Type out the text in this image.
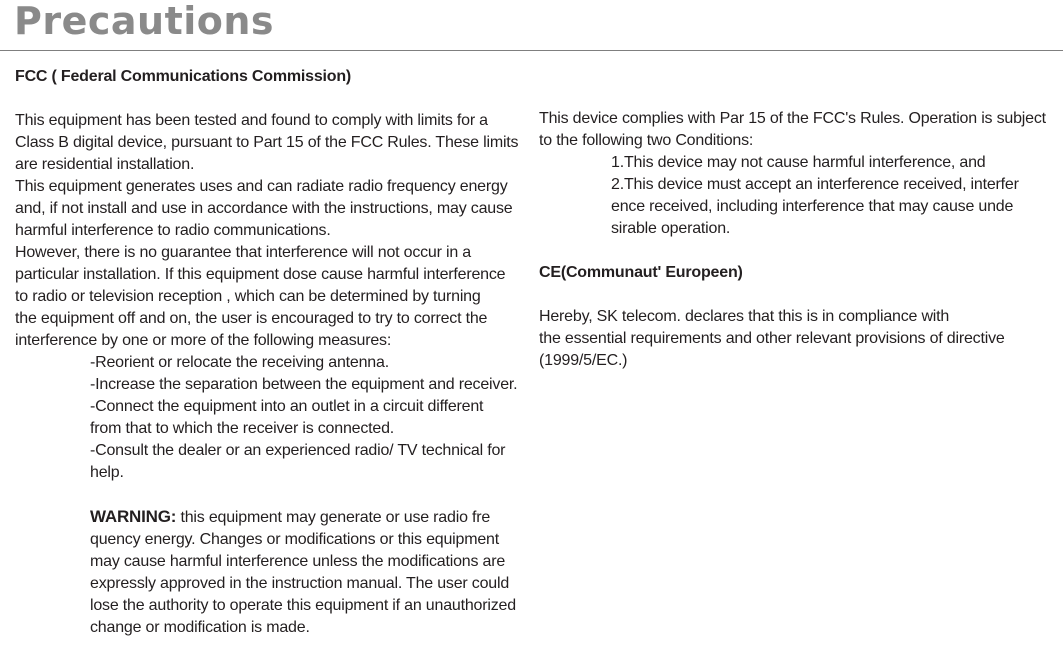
Precautions

FCC ( Federal Communications Commission)

This equipment has been tested and found to comply with limits for a
Class B digital device, pursuant to Part 15 of the FCC Rules. These limits
are residential installation.
This equipment generates uses and can radiate radio frequency energy
and, if not install and use in accordance with the instructions, may cause
harmful interference to radio communications.
However, there is no guarantee that interference will not occur in a
particular installation. If this equipment dose cause harmful interference
to radio or television reception , which can be determined by turning
the equipment off and on, the user is encouraged to try to correct the
interference by one or more of the following measures:

-Reorient or relocate the receiving antenna.
-Increase the separation between the equipment and receiver.
-Connect the equipment into an outlet in a circuit different
from that to which the receiver is connected.
-Consult the dealer or an experienced radio/ TV technical for
help.
WARNING: this equipment may generate or use radio fre
quency energy. Changes or modifications or this equipment
may cause harmful interference unless the modifications are
expressly approved in the instruction manual. The user could
lose the authority to operate this equipment if an unauthorized
change or modification is made.

This device complies with Par 15 of the FCC's Rules. Operation is subject
to the following two Conditions:

1.This device may not cause harmful interference, and
2.This device must accept an interference received, interfer
ence received, including interference that may cause unde
sirable operation.

CE(Communaut' Europeen)

Hereby, SK telecom. declares that this is in compliance with
the essential requirements and other relevant provisions of directive
(1999/5/EC.)
